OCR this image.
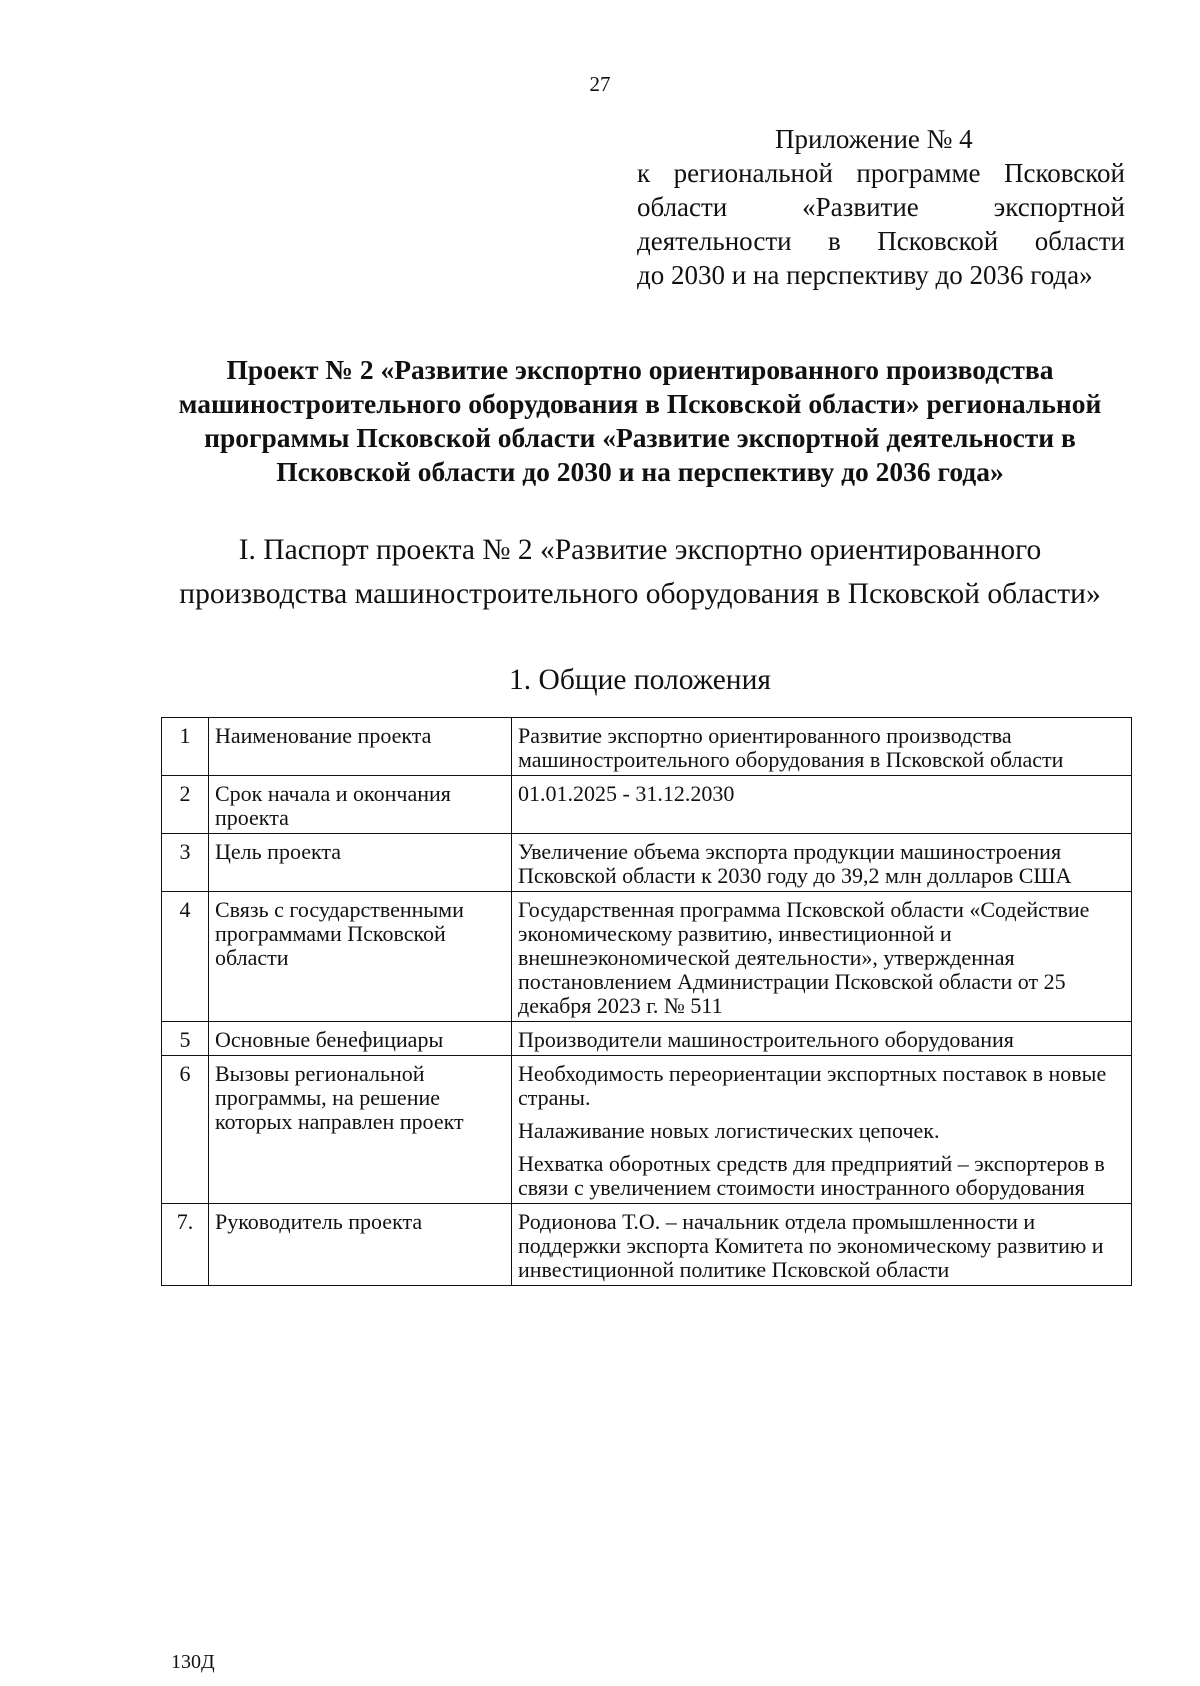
27
Приложение № 4
к региональной программе Псковской
области «Развитие экспортной
деятельности в Псковской области
до 2030 и на перспективу до 2036 года»
Проект № 2 «Развитие экспортно ориентированного производства
машиностроительного оборудования в Псковской области» региональной
программы Псковской области «Развитие экспортной деятельности в
Псковской области до 2030 и на перспективу до 2036 года»
I. Паспорт проекта № 2 «Развитие экспортно ориентированного
производства машиностроительного оборудования в Псковской области»
1. Общие положения
1	Наименование проекта	Развитие экспортно ориентированного производства машиностроительного оборудования в Псковской области

2	Срок начала и окончания проекта	01.01.2025 - 31.12.2030

3	Цель проекта	Увеличение объема экспорта продукции машиностроения Псковской области к 2030 году до 39,2 млн долларов США

4	Связь с государственными программами Псковской области	Государственная программа Псковской области «Содействие экономическому развитию, инвестиционной и внешнеэкономической деятельности», утвержденная постановлением Администрации Псковской области от 25 декабря 2023 г. № 511

5	Основные бенефициары	Производители машиностроительного оборудования

6	Вызовы региональной программы, на решение которых направлен проект	Необходимость переориентации экспортных поставок в новые страны.

Налаживание новых логистических цепочек.

Нехватка оборотных средств для предприятий – экспортеров в связи с увеличением стоимости иностранного оборудования

7.	Руководитель проекта	Родионова Т.О. – начальник отдела промышленности и поддержки экспорта Комитета по экономическому развитию и инвестиционной политике Псковской области

130Д
